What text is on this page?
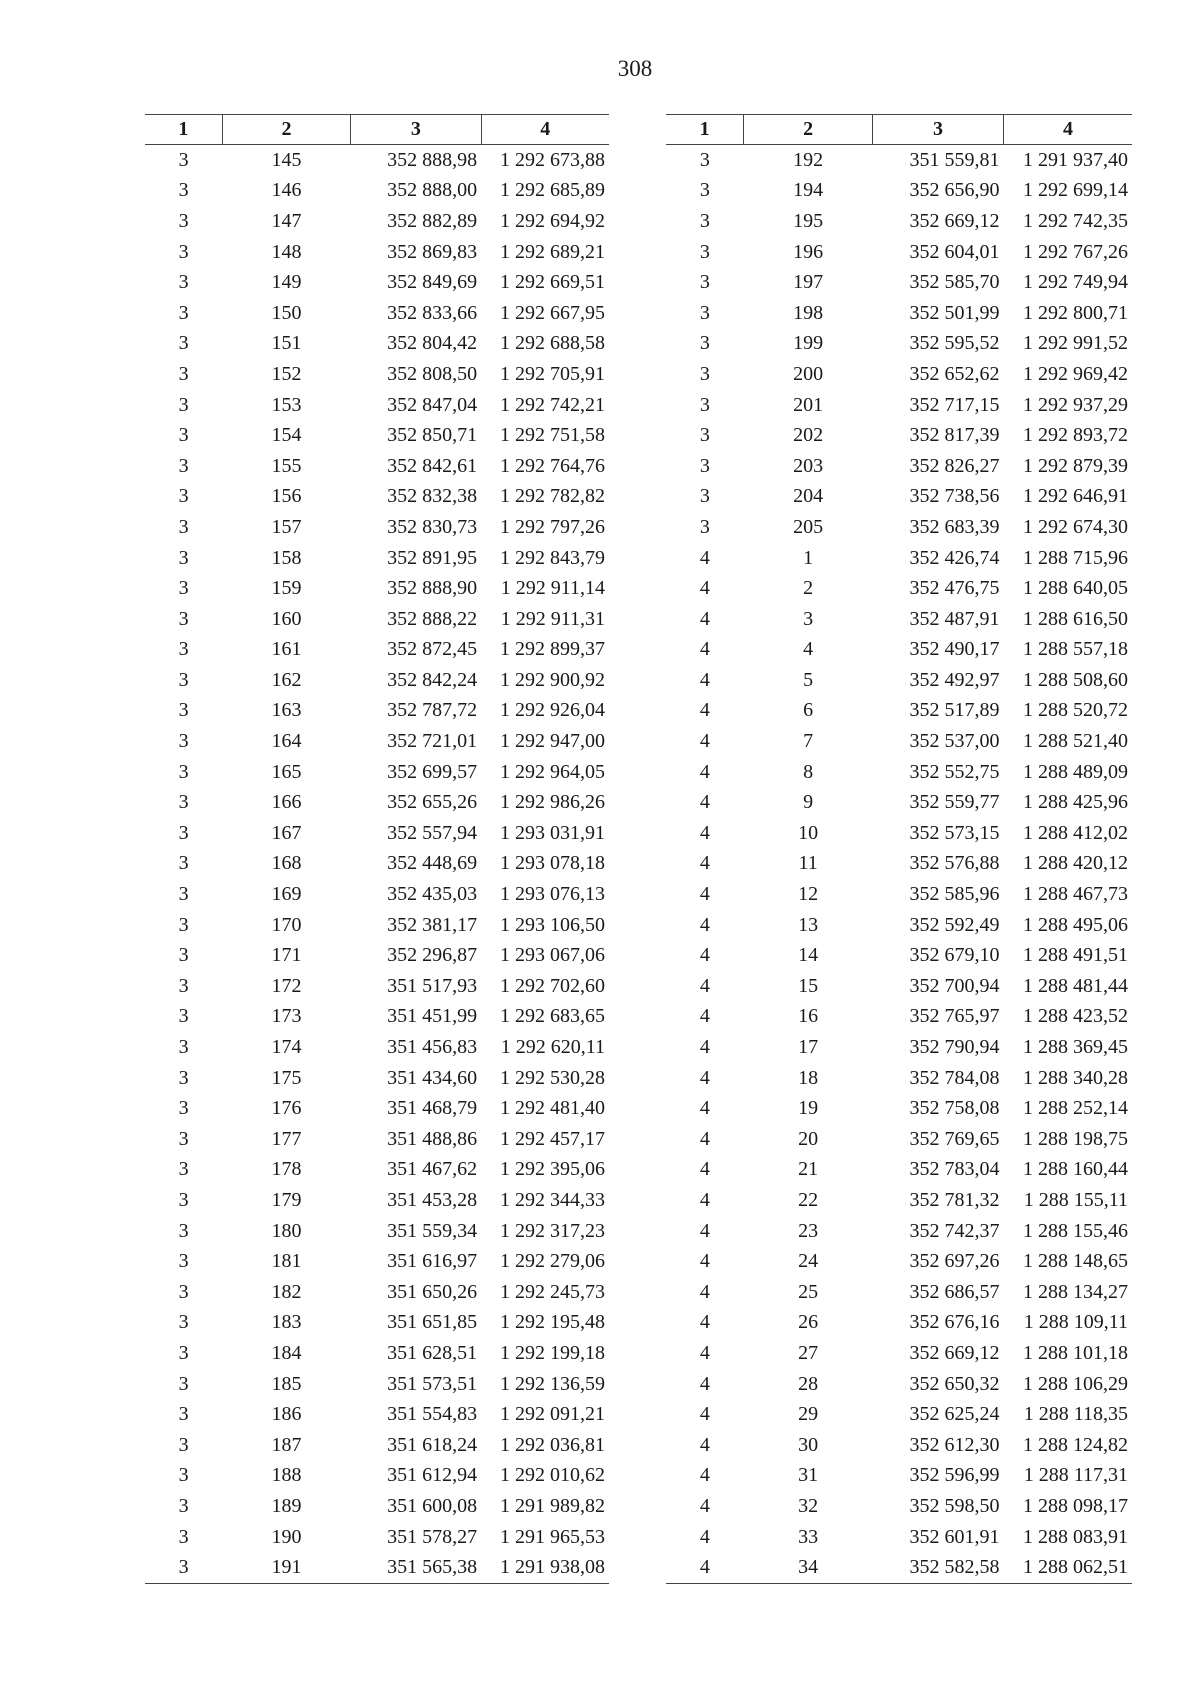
308
1	2	3	4
3	145	352 888,98	1 292 673,88
3	146	352 888,00	1 292 685,89
3	147	352 882,89	1 292 694,92
3	148	352 869,83	1 292 689,21
3	149	352 849,69	1 292 669,51
3	150	352 833,66	1 292 667,95
3	151	352 804,42	1 292 688,58
3	152	352 808,50	1 292 705,91
3	153	352 847,04	1 292 742,21
3	154	352 850,71	1 292 751,58
3	155	352 842,61	1 292 764,76
3	156	352 832,38	1 292 782,82
3	157	352 830,73	1 292 797,26
3	158	352 891,95	1 292 843,79
3	159	352 888,90	1 292 911,14
3	160	352 888,22	1 292 911,31
3	161	352 872,45	1 292 899,37
3	162	352 842,24	1 292 900,92
3	163	352 787,72	1 292 926,04
3	164	352 721,01	1 292 947,00
3	165	352 699,57	1 292 964,05
3	166	352 655,26	1 292 986,26
3	167	352 557,94	1 293 031,91
3	168	352 448,69	1 293 078,18
3	169	352 435,03	1 293 076,13
3	170	352 381,17	1 293 106,50
3	171	352 296,87	1 293 067,06
3	172	351 517,93	1 292 702,60
3	173	351 451,99	1 292 683,65
3	174	351 456,83	1 292 620,11
3	175	351 434,60	1 292 530,28
3	176	351 468,79	1 292 481,40
3	177	351 488,86	1 292 457,17
3	178	351 467,62	1 292 395,06
3	179	351 453,28	1 292 344,33
3	180	351 559,34	1 292 317,23
3	181	351 616,97	1 292 279,06
3	182	351 650,26	1 292 245,73
3	183	351 651,85	1 292 195,48
3	184	351 628,51	1 292 199,18
3	185	351 573,51	1 292 136,59
3	186	351 554,83	1 292 091,21
3	187	351 618,24	1 292 036,81
3	188	351 612,94	1 292 010,62
3	189	351 600,08	1 291 989,82
3	190	351 578,27	1 291 965,53
3	191	351 565,38	1 291 938,08
1	2	3	4
3	192	351 559,81	1 291 937,40
3	194	352 656,90	1 292 699,14
3	195	352 669,12	1 292 742,35
3	196	352 604,01	1 292 767,26
3	197	352 585,70	1 292 749,94
3	198	352 501,99	1 292 800,71
3	199	352 595,52	1 292 991,52
3	200	352 652,62	1 292 969,42
3	201	352 717,15	1 292 937,29
3	202	352 817,39	1 292 893,72
3	203	352 826,27	1 292 879,39
3	204	352 738,56	1 292 646,91
3	205	352 683,39	1 292 674,30
4	1	352 426,74	1 288 715,96
4	2	352 476,75	1 288 640,05
4	3	352 487,91	1 288 616,50
4	4	352 490,17	1 288 557,18
4	5	352 492,97	1 288 508,60
4	6	352 517,89	1 288 520,72
4	7	352 537,00	1 288 521,40
4	8	352 552,75	1 288 489,09
4	9	352 559,77	1 288 425,96
4	10	352 573,15	1 288 412,02
4	11	352 576,88	1 288 420,12
4	12	352 585,96	1 288 467,73
4	13	352 592,49	1 288 495,06
4	14	352 679,10	1 288 491,51
4	15	352 700,94	1 288 481,44
4	16	352 765,97	1 288 423,52
4	17	352 790,94	1 288 369,45
4	18	352 784,08	1 288 340,28
4	19	352 758,08	1 288 252,14
4	20	352 769,65	1 288 198,75
4	21	352 783,04	1 288 160,44
4	22	352 781,32	1 288 155,11
4	23	352 742,37	1 288 155,46
4	24	352 697,26	1 288 148,65
4	25	352 686,57	1 288 134,27
4	26	352 676,16	1 288 109,11
4	27	352 669,12	1 288 101,18
4	28	352 650,32	1 288 106,29
4	29	352 625,24	1 288 118,35
4	30	352 612,30	1 288 124,82
4	31	352 596,99	1 288 117,31
4	32	352 598,50	1 288 098,17
4	33	352 601,91	1 288 083,91
4	34	352 582,58	1 288 062,51
